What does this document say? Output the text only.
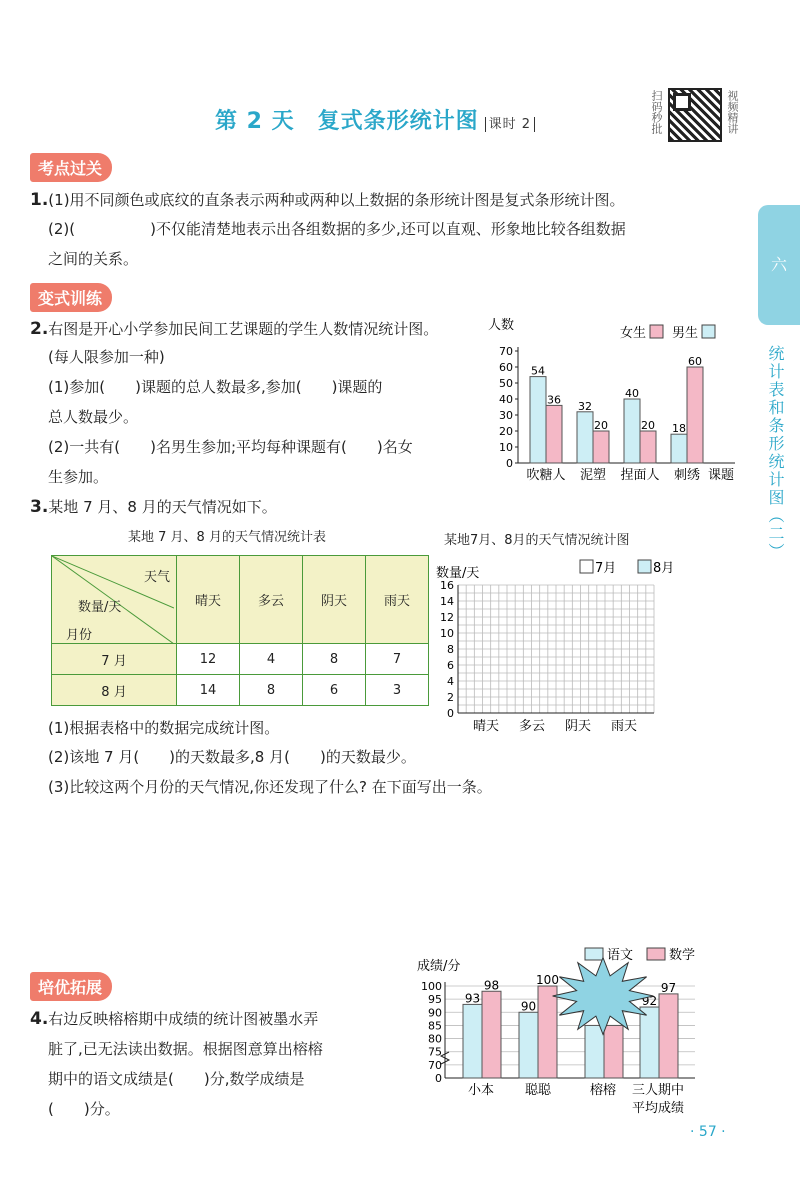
第 2 天　复式条形统计图 课时 2	扫码秒批	视频精讲
六
统计表和条形统计图（二）
考点过关
1.(1)用不同颜色或底纹的直条表示两种或两种以上数据的条形统计图是复式条形统计图。
(2)(　　　　　)不仅能清楚地表示出各组数据的多少,还可以直观、形象地比较各组数据
之间的关系。
变式训练
2.右图是开心小学参加民间工艺课题的学生人数情况统计图。
(每人限参加一种)
(1)参加(　　)课题的总人数最多,参加(　　)课题的
总人数最少。
(2)一共有(　　)名男生参加;平均每种课题有(　　)名女
生参加。
人数
0
10
20
30
40
50
60
70
女生 男生
54
36
吹糖人
32
20
泥塑
40
20
捏面人
18
60
刺绣 课题
3.某地 7 月、8 月的天气情况如下。
某地 7 月、8 月的天气情况统计表	某地7月、8月的天气情况统计图
天气
数量/天
月份	晴天	多云	阴天	雨天
7 月	12	4	8	7
8 月	14	8	6	3
数量/天	7月	8月
0
2
4
6
8
10
12
14
16
晴天 多云 阴天 雨天
(1)根据表格中的数据完成统计图。
(2)该地 7 月(　　)的天数最多,8 月(　　)的天数最少。
(3)比较这两个月份的天气情况,你还发现了什么? 在下面写出一条。
培优拓展
4.右边反映榕榕期中成绩的统计图被墨水弄
脏了,已无法读出数据。根据图意算出榕榕
期中的语文成绩是(　　)分,数学成绩是
(　　)分。
成绩/分
语文	数学
0
70
75
80
85
90
95
100
93
98
90
100
92
97
小本 聪聪	榕榕 三人期中
平均成绩
· 57 ·
